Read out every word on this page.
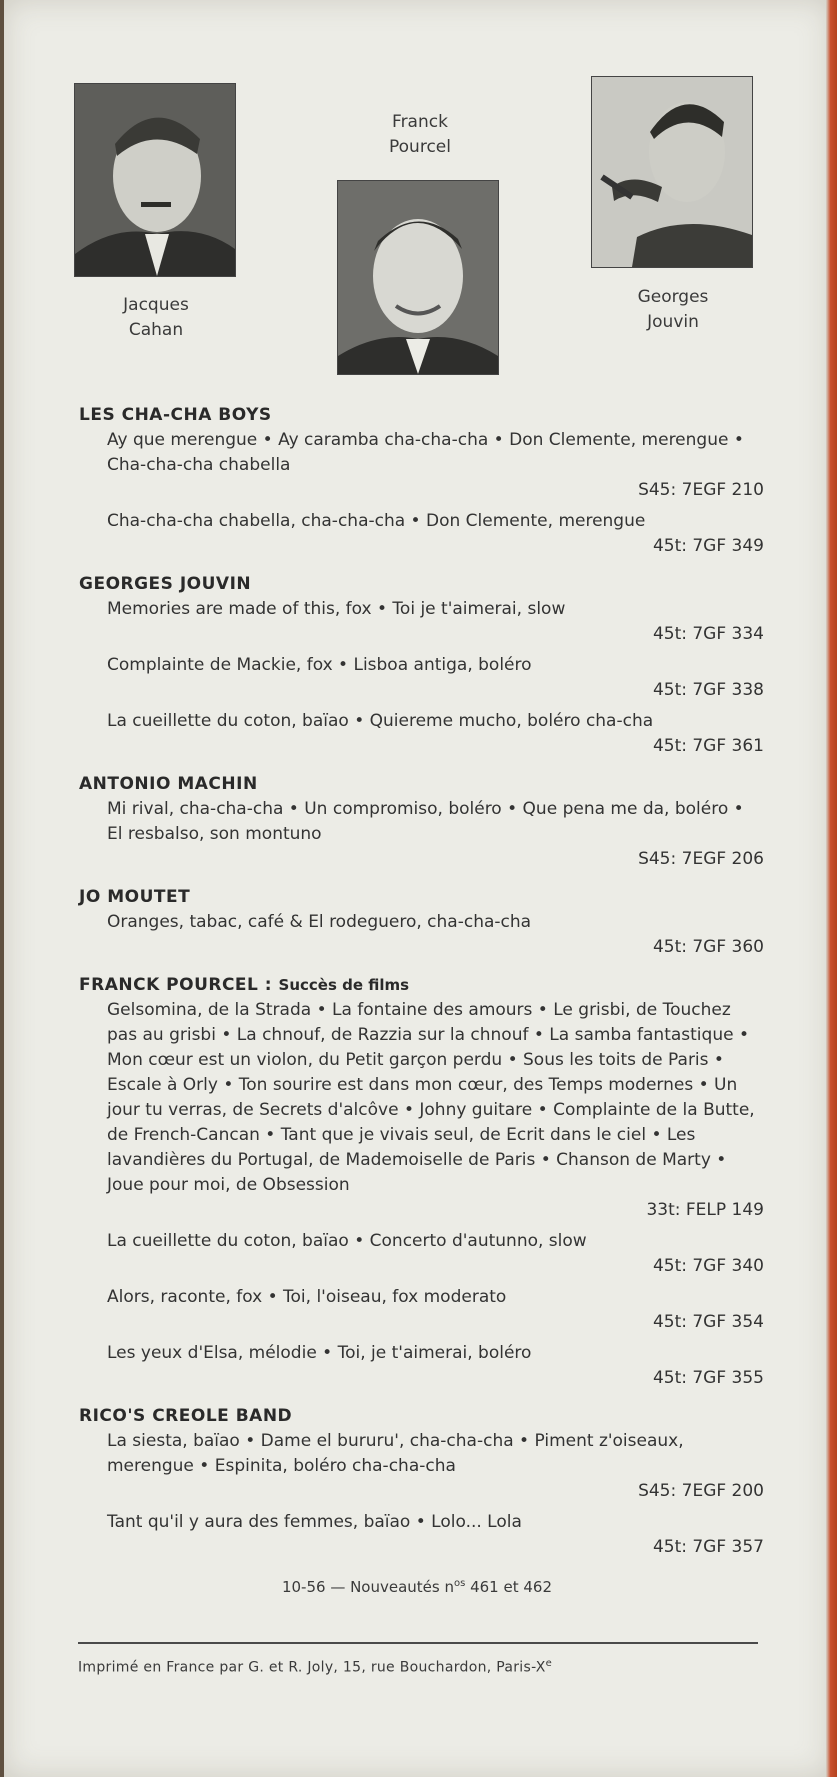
Jacques
Cahan
Franck
Pourcel
Georges
Jouvin
LES CHA-CHA BOYS
Ay que merengue • Ay caramba cha-cha-cha • Don Clemente, merengue • Cha-cha-cha chabella
S45: 7EGF 210
Cha-cha-cha chabella, cha-cha-cha • Don Clemente, merengue
45t: 7GF 349
GEORGES JOUVIN
Memories are made of this, fox • Toi je t'aimerai, slow
45t: 7GF 334
Complainte de Mackie, fox • Lisboa antiga, boléro
45t: 7GF 338
La cueillette du coton, baïao • Quiereme mucho, boléro cha-cha
45t: 7GF 361
ANTONIO MACHIN
Mi rival, cha-cha-cha • Un compromiso, boléro • Que pena me da, boléro • El resbalso, son montuno
S45: 7EGF 206
JO MOUTET
Oranges, tabac, café & El rodeguero, cha-cha-cha
45t: 7GF 360
FRANCK POURCEL : Succès de films
Gelsomina, de la Strada • La fontaine des amours • Le grisbi, de Touchez pas au grisbi • La chnouf, de Razzia sur la chnouf • La samba fantastique • Mon cœur est un violon, du Petit garçon perdu • Sous les toits de Paris • Escale à Orly • Ton sourire est dans mon cœur, des Temps modernes • Un jour tu verras, de Secrets d'alcôve • Johny guitare • Complainte de la Butte, de French-Cancan • Tant que je vivais seul, de Ecrit dans le ciel • Les lavandières du Portugal, de Mademoiselle de Paris • Chanson de Marty • Joue pour moi, de Obsession
33t: FELP 149
La cueillette du coton, baïao • Concerto d'autunno, slow
45t: 7GF 340
Alors, raconte, fox • Toi, l'oiseau, fox moderato
45t: 7GF 354
Les yeux d'Elsa, mélodie • Toi, je t'aimerai, boléro
45t: 7GF 355
RICO'S CREOLE BAND
La siesta, baïao • Dame el bururu', cha-cha-cha • Piment z'oiseaux, merengue • Espinita, boléro cha-cha-cha
S45: 7EGF 200
Tant qu'il y aura des femmes, baïao • Lolo... Lola
45t: 7GF 357
10-56 — Nouveautés $n^{os}$ 461 et 462
Imprimé en France par G. et R. Joly, 15, rue Bouchardon, Paris-Xe
